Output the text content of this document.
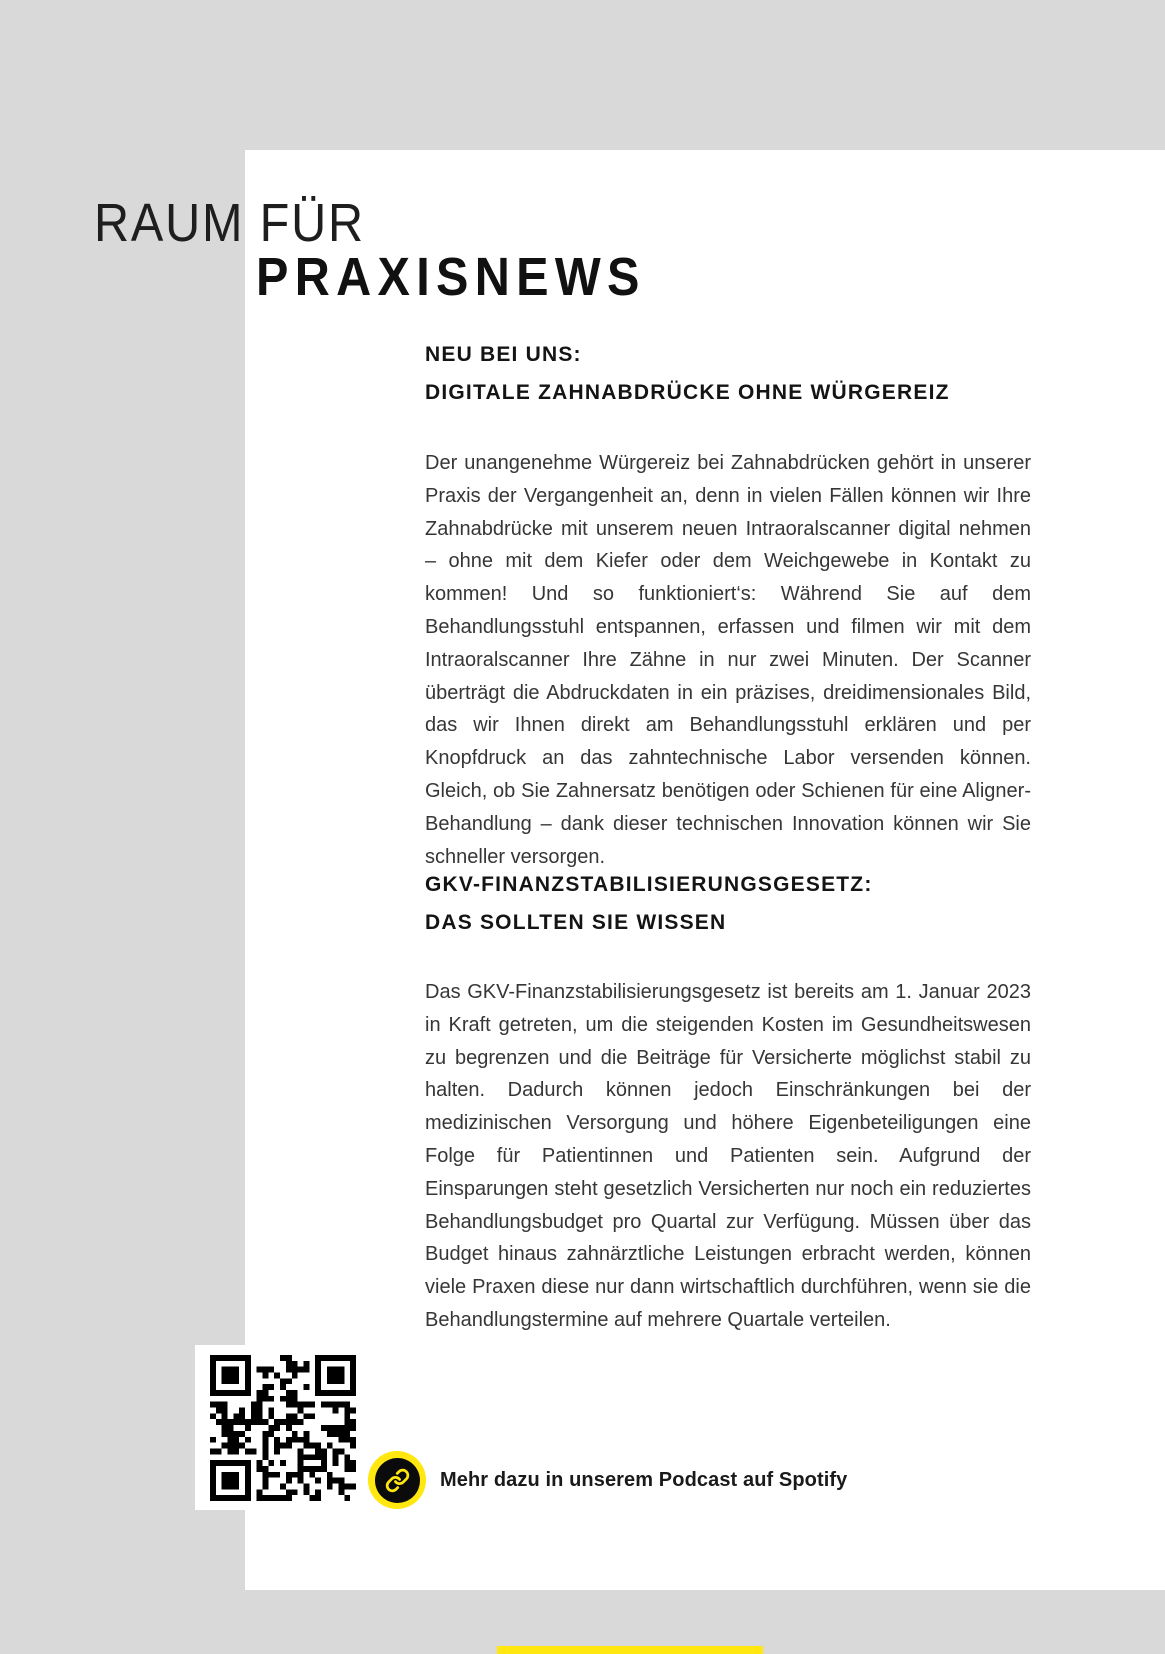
RAUM FÜR
PRAXISNEWS
NEU BEI UNS:
DIGITALE ZAHNABDRÜCKE OHNE WÜRGEREIZ

Der unangenehme Würgereiz bei Zahnabdrücken gehört in unserer Praxis der Vergangenheit an, denn in vielen Fällen können wir Ihre Zahnabdrücke mit unserem neuen Intraoralscanner digital nehmen – ohne mit dem Kiefer oder dem Weichgewebe in Kontakt zu kommen! Und so funktioniert‘s: Während Sie auf dem Behandlungsstuhl entspannen, erfassen und filmen wir mit dem Intraoralscanner Ihre Zähne in nur zwei Minuten. Der Scanner überträgt die Abdruckdaten in ein präzises, dreidimensionales Bild, das wir Ihnen direkt am Behandlungsstuhl erklären und per Knopfdruck an das zahntechnische Labor versenden können. Gleich, ob Sie Zahnersatz benötigen oder Schienen für eine Aligner-Behandlung – dank dieser technischen Innovation können wir Sie schneller versorgen.

GKV-FINANZSTABILISIERUNGSGESETZ:
DAS SOLLTEN SIE WISSEN

Das GKV-Finanzstabilisierungsgesetz ist bereits am 1. Januar 2023 in Kraft getreten, um die steigenden Kosten im Gesundheitswesen zu begrenzen und die Beiträge für Versicherte möglichst stabil zu halten. Dadurch können jedoch Einschränkungen bei der medizinischen Versorgung und höhere Eigenbeteiligungen eine Folge für Patientinnen und Patienten sein. Aufgrund der Einsparungen steht gesetzlich Versicherten nur noch ein reduziertes Behandlungsbudget pro Quartal zur Verfügung. Müssen über das Budget hinaus zahnärztliche Leistungen erbracht werden, können viele Praxen diese nur dann wirtschaftlich durchführen, wenn sie die Behandlungstermine auf mehrere Quartale verteilen.

Mehr dazu in unserem Podcast auf Spotify
